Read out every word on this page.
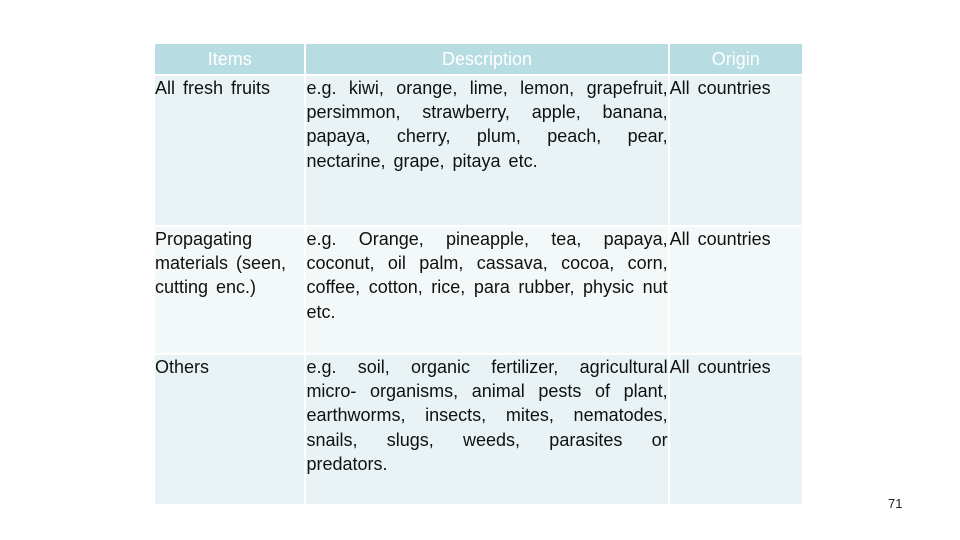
Items	Description	Origin
All fresh fruits	e.g. kiwi, orange, lime, lemon, grapefruit, persimmon, strawberry, apple, banana, papaya, cherry, plum, peach, pear, nectarine, grape, pitaya etc.	All countries
Propagating materials (seen, cutting enc.)	e.g. Orange, pineapple, tea, papaya, coconut, oil palm, cassava, cocoa, corn, coffee, cotton, rice, para rubber, physic nut etc.	All countries
Others	e.g. soil, organic fertilizer, agricultural micro- organisms, animal pests of plant, earthworms, insects, mites, nematodes, snails, slugs, weeds, parasites or predators.	All countries
71
